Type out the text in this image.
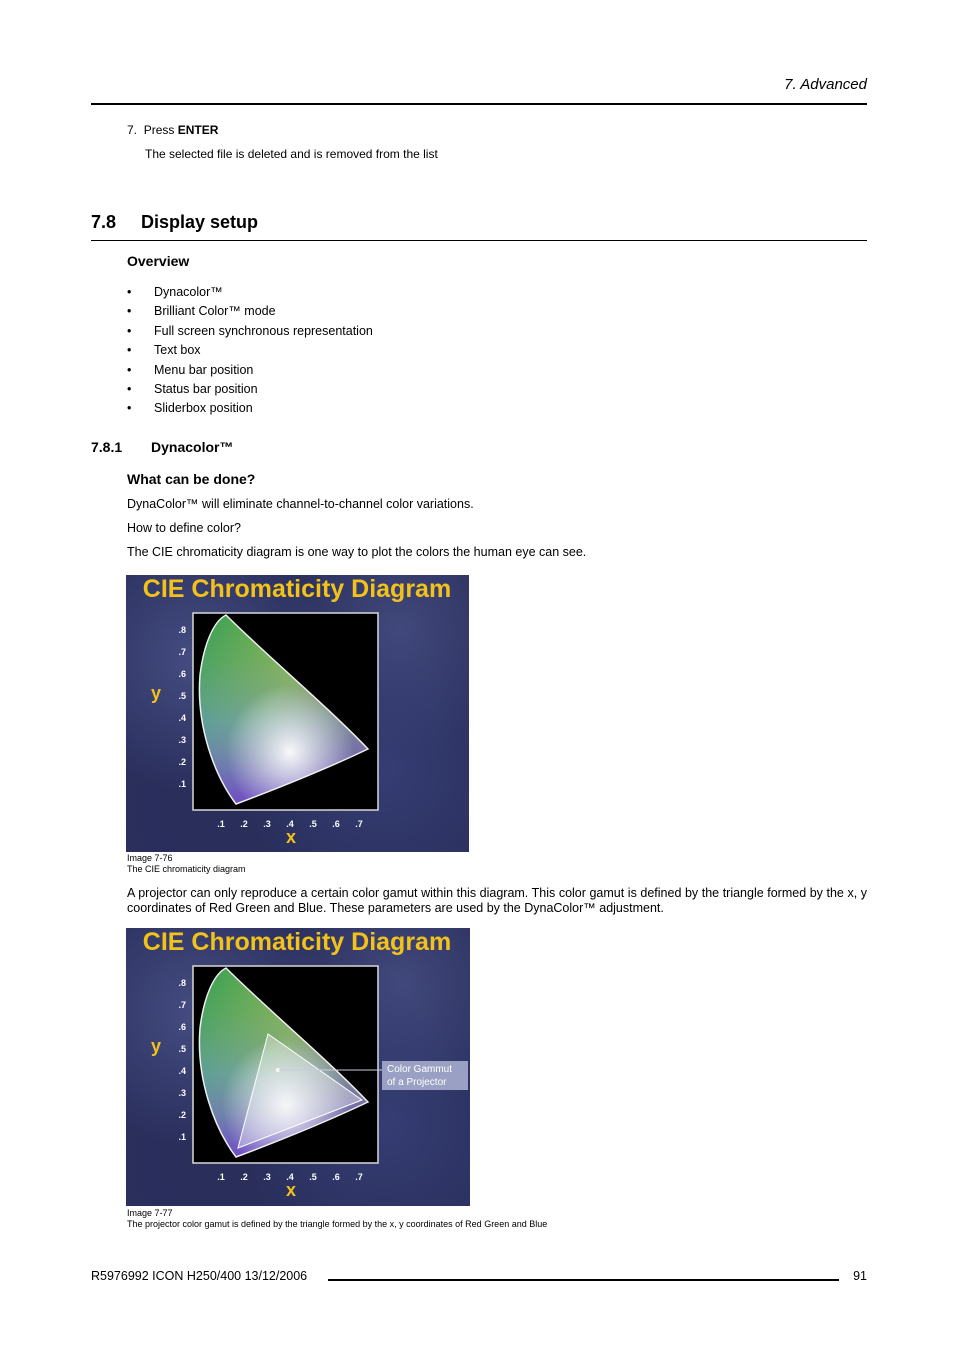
7. Advanced
7. Press ENTER
The selected file is deleted and is removed from the list
7.8 Display setup
Overview
• Dynacolor™
• Brilliant Color™ mode
• Full screen synchronous representation
• Text box
• Menu bar position
• Status bar position
• Sliderbox position
7.8.1 Dynacolor™
What can be done?
DynaColor™ will eliminate channel-to-channel color variations.
How to define color?
The CIE chromaticity diagram is one way to plot the colors the human eye can see.
CIE Chromaticity Diagram
y
x
.8
.7
.6
.5
.4
.3
.2
.1
.1 .2 .3 .4 .5 .6 .7
Image 7-76
The CIE chromaticity diagram
A projector can only reproduce a certain color gamut within this diagram. This color gamut is defined by the triangle formed by the x, y coordinates of Red Green and Blue. These parameters are used by the DynaColor™ adjustment.
CIE Chromaticity Diagram
Color Gammut
of a Projector
y
x
.8
.7
.6
.5
.4
.3
.2
.1
.1 .2 .3 .4 .5 .6 .7
Image 7-77
The projector color gamut is defined by the triangle formed by the x, y coordinates of Red Green and Blue
R5976992 ICON H250/400 13/12/2006	91
